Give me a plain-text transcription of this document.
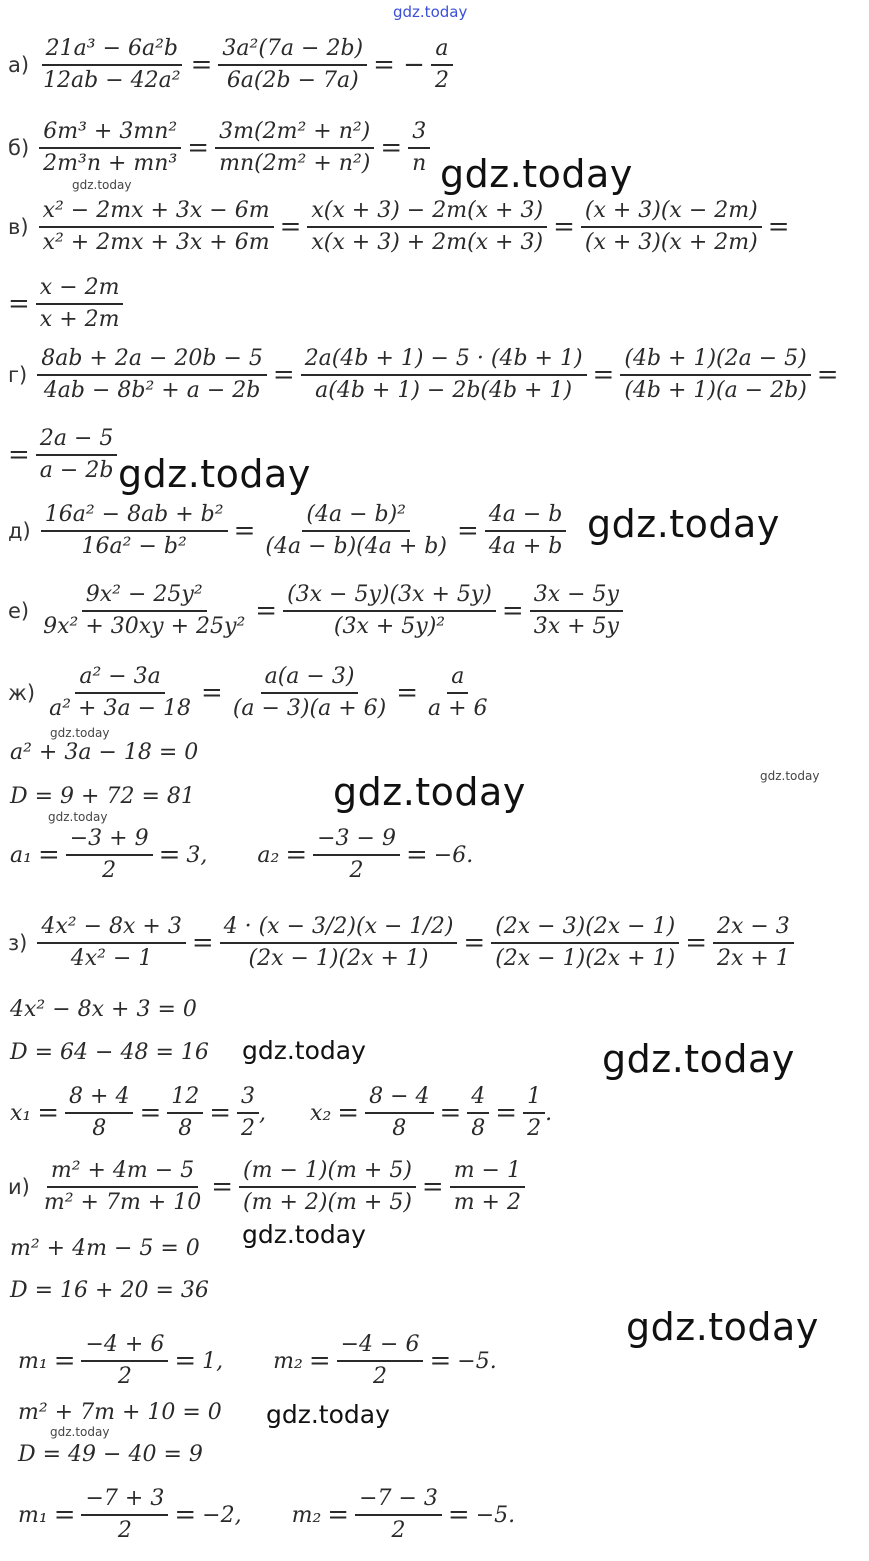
gdz.today
$а) \frac{\text{21a³ − 6a²b}}{\text{12ab − 42a²}} = \frac{\text{3a²(7a − 2b)}}{6a(2b - 7a)}$ = − $\frac{a}{2}$
$б) \frac{\text{6m³ + 3mn²}}{\text{2m³n + mn³}} = \frac{\text{3m(2m² + n²)}}{\text{mn(2m² + n²)}} = \frac{3}{n}$ gdz.today
gdz.today
$в) \frac{\text{x² − 2mx + 3x − 6m}}{\text{x² + 2mx + 3x + 6m}} = \frac{x(x + 3) - 2m(x + 3)}{x(x + 3) + 2m(x + 3)} = \frac{(x + 3)(x - 2m)}{(x + 3)(x + 2m)}$ =
= $\frac{x - 2m}{x + 2m}$
$г) \frac{8ab + 2a - 20b - 5}{\text{4ab − 8b² + a − 2b}} = \frac{2a(4b + 1) - 5 \cdot (4b + 1)}{a(4b + 1) - 2b(4b + 1)} = \frac{(4b + 1)(2a - 5)}{(4b + 1)(a - 2b)}$ =
= $\frac{2a - 5}{a - 2b}$ gdz.today
$д) \frac{\text{16a² − 8ab + b²}}{\text{16a² − b²}} = \frac{\text{(4a − b)²}}{(4a - b)(4a + b)} = \frac{4a - b}{4a + b}$ gdz.today
$е) \frac{\text{9x² − 25y²}}{\text{9x² + 30xy + 25y²}} = \frac{(3x - 5y)(3x + 5y)}{\text{(3x + 5y)²}} = \frac{3x - 5y}{3x + 5y}$
$ж) \frac{\text{a² − 3a}}{\text{a² + 3a − 18}} = \frac{a(a - 3)}{(a - 3)(a + 6)} = \frac{a}{a + 6}$
gdz.today
a² + 3a − 18 = 0
D = 9 + 72 = 81	gdz.today	gdz.today
gdz.today
$a_1 = \frac{-3 + 9}{2} = 3$, $a_2 = \frac{-3 - 9}{2} = -6$.
$з) \frac{\text{4x² − 8x + 3}}{\text{4x² − 1}} = \frac{4 \cdot (x - 3/2)(x - 1/2)}{(2x - 1)(2x + 1)} = \frac{(2x - 3)(2x - 1)}{(2x - 1)(2x + 1)} = \frac{2x - 3}{2x + 1}$
4x² − 8x + 3 = 0
D = 64 − 48 = 16 gdz.today	gdz.today
$x_1 = \frac{8 + 4}{8} = \frac{12}{8} = \frac{3}{2}$ , $x_2 = \frac{8 - 4}{8} = \frac{4}{8} = \frac{1}{2}$ .
$и) \frac{\text{m² + 4m − 5}}{\text{m² + 7m + 10}} = \frac{(m - 1)(m + 5)}{(m + 2)(m + 5)} = \frac{m - 1}{m + 2}$
m² + 4m − 5 = 0 gdz.today
D = 16 + 20 = 36
gdz.today
$m_1 = \frac{-4 + 6}{2} = 1$, $m_2 = \frac{-4 - 6}{2} = -5$.
m² + 7m + 10 = 0 gdz.today
gdz.today
D = 49 − 40 = 9
$m_1 = \frac{-7 + 3}{2} = -2$, $m_2 = \frac{-7 - 3}{2} = -5$.
